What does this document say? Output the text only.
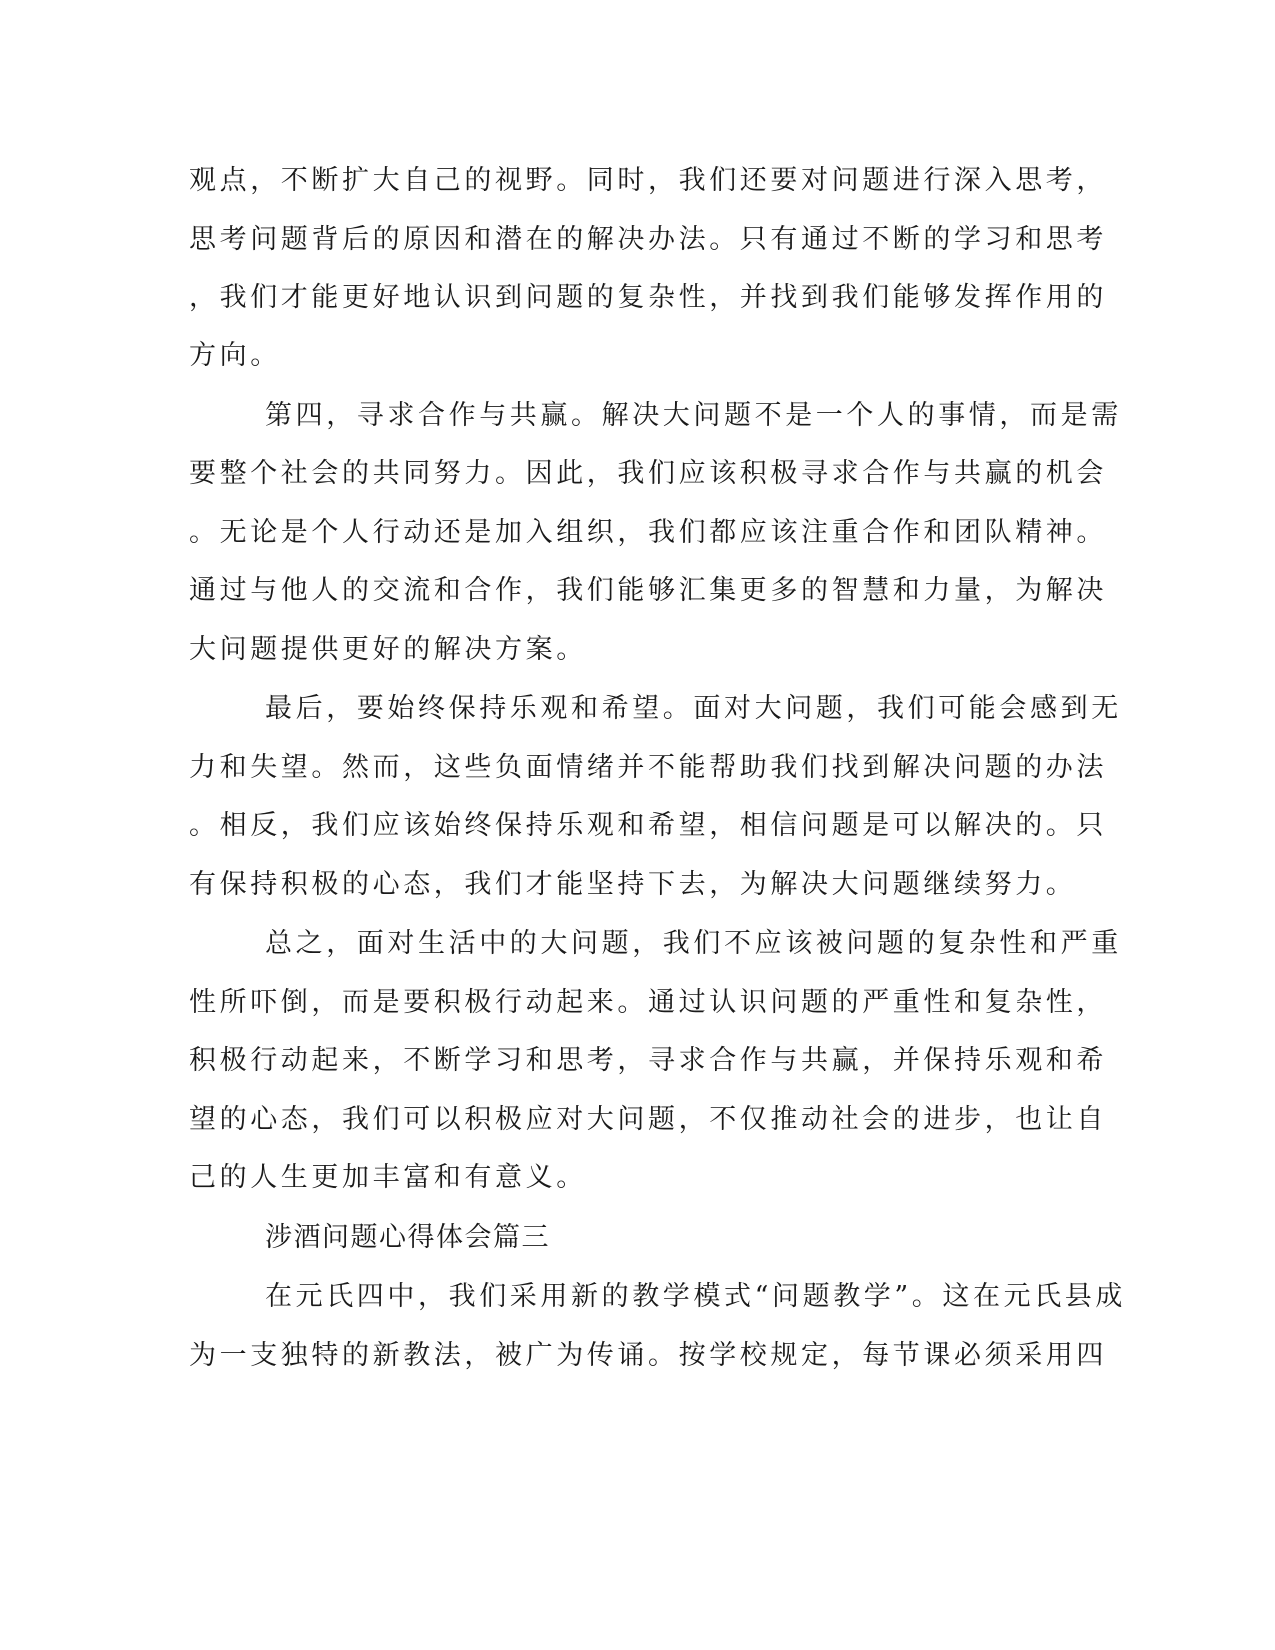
观点，不断扩大自己的视野。同时，我们还要对问题进行深入思考，
思考问题背后的原因和潜在的解决办法。只有通过不断的学习和思考
，我们才能更好地认识到问题的复杂性，并找到我们能够发挥作用的
方向。
第四，寻求合作与共赢。解决大问题不是一个人的事情，而是需
要整个社会的共同努力。因此，我们应该积极寻求合作与共赢的机会
。无论是个人行动还是加入组织，我们都应该注重合作和团队精神。
通过与他人的交流和合作，我们能够汇集更多的智慧和力量，为解决
大问题提供更好的解决方案。
最后，要始终保持乐观和希望。面对大问题，我们可能会感到无
力和失望。然而，这些负面情绪并不能帮助我们找到解决问题的办法
。相反，我们应该始终保持乐观和希望，相信问题是可以解决的。只
有保持积极的心态，我们才能坚持下去，为解决大问题继续努力。
总之，面对生活中的大问题，我们不应该被问题的复杂性和严重
性所吓倒，而是要积极行动起来。通过认识问题的严重性和复杂性，
积极行动起来，不断学习和思考，寻求合作与共赢，并保持乐观和希
望的心态，我们可以积极应对大问题，不仅推动社会的进步，也让自
己的人生更加丰富和有意义。
涉酒问题心得体会篇三
在元氏四中，我们采用新的教学模式“问题教学”。这在元氏县成
为一支独特的新教法，被广为传诵。按学校规定，每节课必须采用四
